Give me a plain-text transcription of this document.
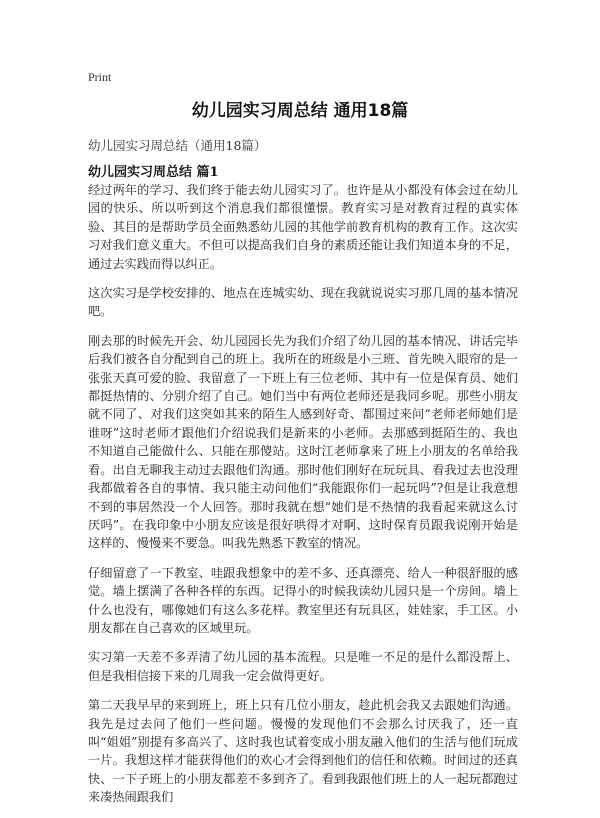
Print
幼儿园实习周总结 通用18篇

幼儿园实习周总结（通用18篇）

幼儿园实习周总结 篇1

经过两年的学习、我们终于能去幼儿园实习了。也许是从小都没有体会过在幼儿园的快乐、所以听到这个消息我们都很懂憬。教育实习是对教育过程的真实体验、其目的是帮助学员全面熟悉幼儿园的其他学前教育机构的教育工作。这次实习对我们意义重大。不但可以提高我们自身的素质还能让我们知道本身的不足，通过去实践而得以纠正。

这次实习是学校安排的、地点在连城实幼、现在我就说说实习那几周的基本情况吧。

刚去那的时候先开会、幼儿园园长先为我们介绍了幼儿园的基本情况、讲话完毕后我们被各自分配到自己的班上。我所在的班级是小三班、首先映入眼帘的是一张张天真可爱的脸、我留意了一下班上有三位老师、其中有一位是保育员、她们都挺热情的、分别介绍了自己。她们当中有两位老师还是我同乡呢。那些小朋友就不同了、对我们这突如其来的陌生人感到好奇、都围过来问“老师老师她们是谁呀”这时老师才跟他们介绍说我们是新来的小老师。去那感到挺陌生的、我也不知道自己能做什么、只能在那傻站。这时江老师拿来了班上小朋友的名单给我看。出自无聊我主动过去跟他们沟通。那时他们刚好在玩玩具、看我过去也没理我都做着各自的事情、我只能主动问他们“我能跟你们一起玩吗”?但是让我意想不到的事居然没一个人回答。那时我就在想“她们是不热情的我看起来就这么讨厌吗”。在我印象中小朋友应该是很好哄得才对啊、这时保育员跟我说刚开始是这样的、慢慢来不要急。叫我先熟悉下教室的情况。

仔细留意了一下教室、哇跟我想象中的差不多、还真漂亮、给人一种很舒服的感觉。墙上摆满了各种各样的东西。记得小的时候我读幼儿园只是一个房间。墙上什么也没有，哪像她们有这么多花样。教室里还有玩具区，娃娃家，手工区。小朋友都在自己喜欢的区域里玩。

实习第一天差不多弄清了幼儿园的基本流程。只是唯一不足的是什么都没帮上、但是我相信接下来的几周我一定会做得更好。

第二天我早早的来到班上，班上只有几位小朋友，趁此机会我又去跟她们沟通。我先是过去问了他们一些问题。慢慢的发现他们不会那么讨厌我了，还一直叫“姐姐”别提有多高兴了、这时我也试着变成小朋友融入他们的生活与他们玩成一片。我想这样才能获得他们的欢心才会得到他们的信任和依赖。时间过的还真快、一下子班上的小朋友都差不多到齐了。看到我跟他们班上的人一起玩都跑过来凑热闹跟我们
